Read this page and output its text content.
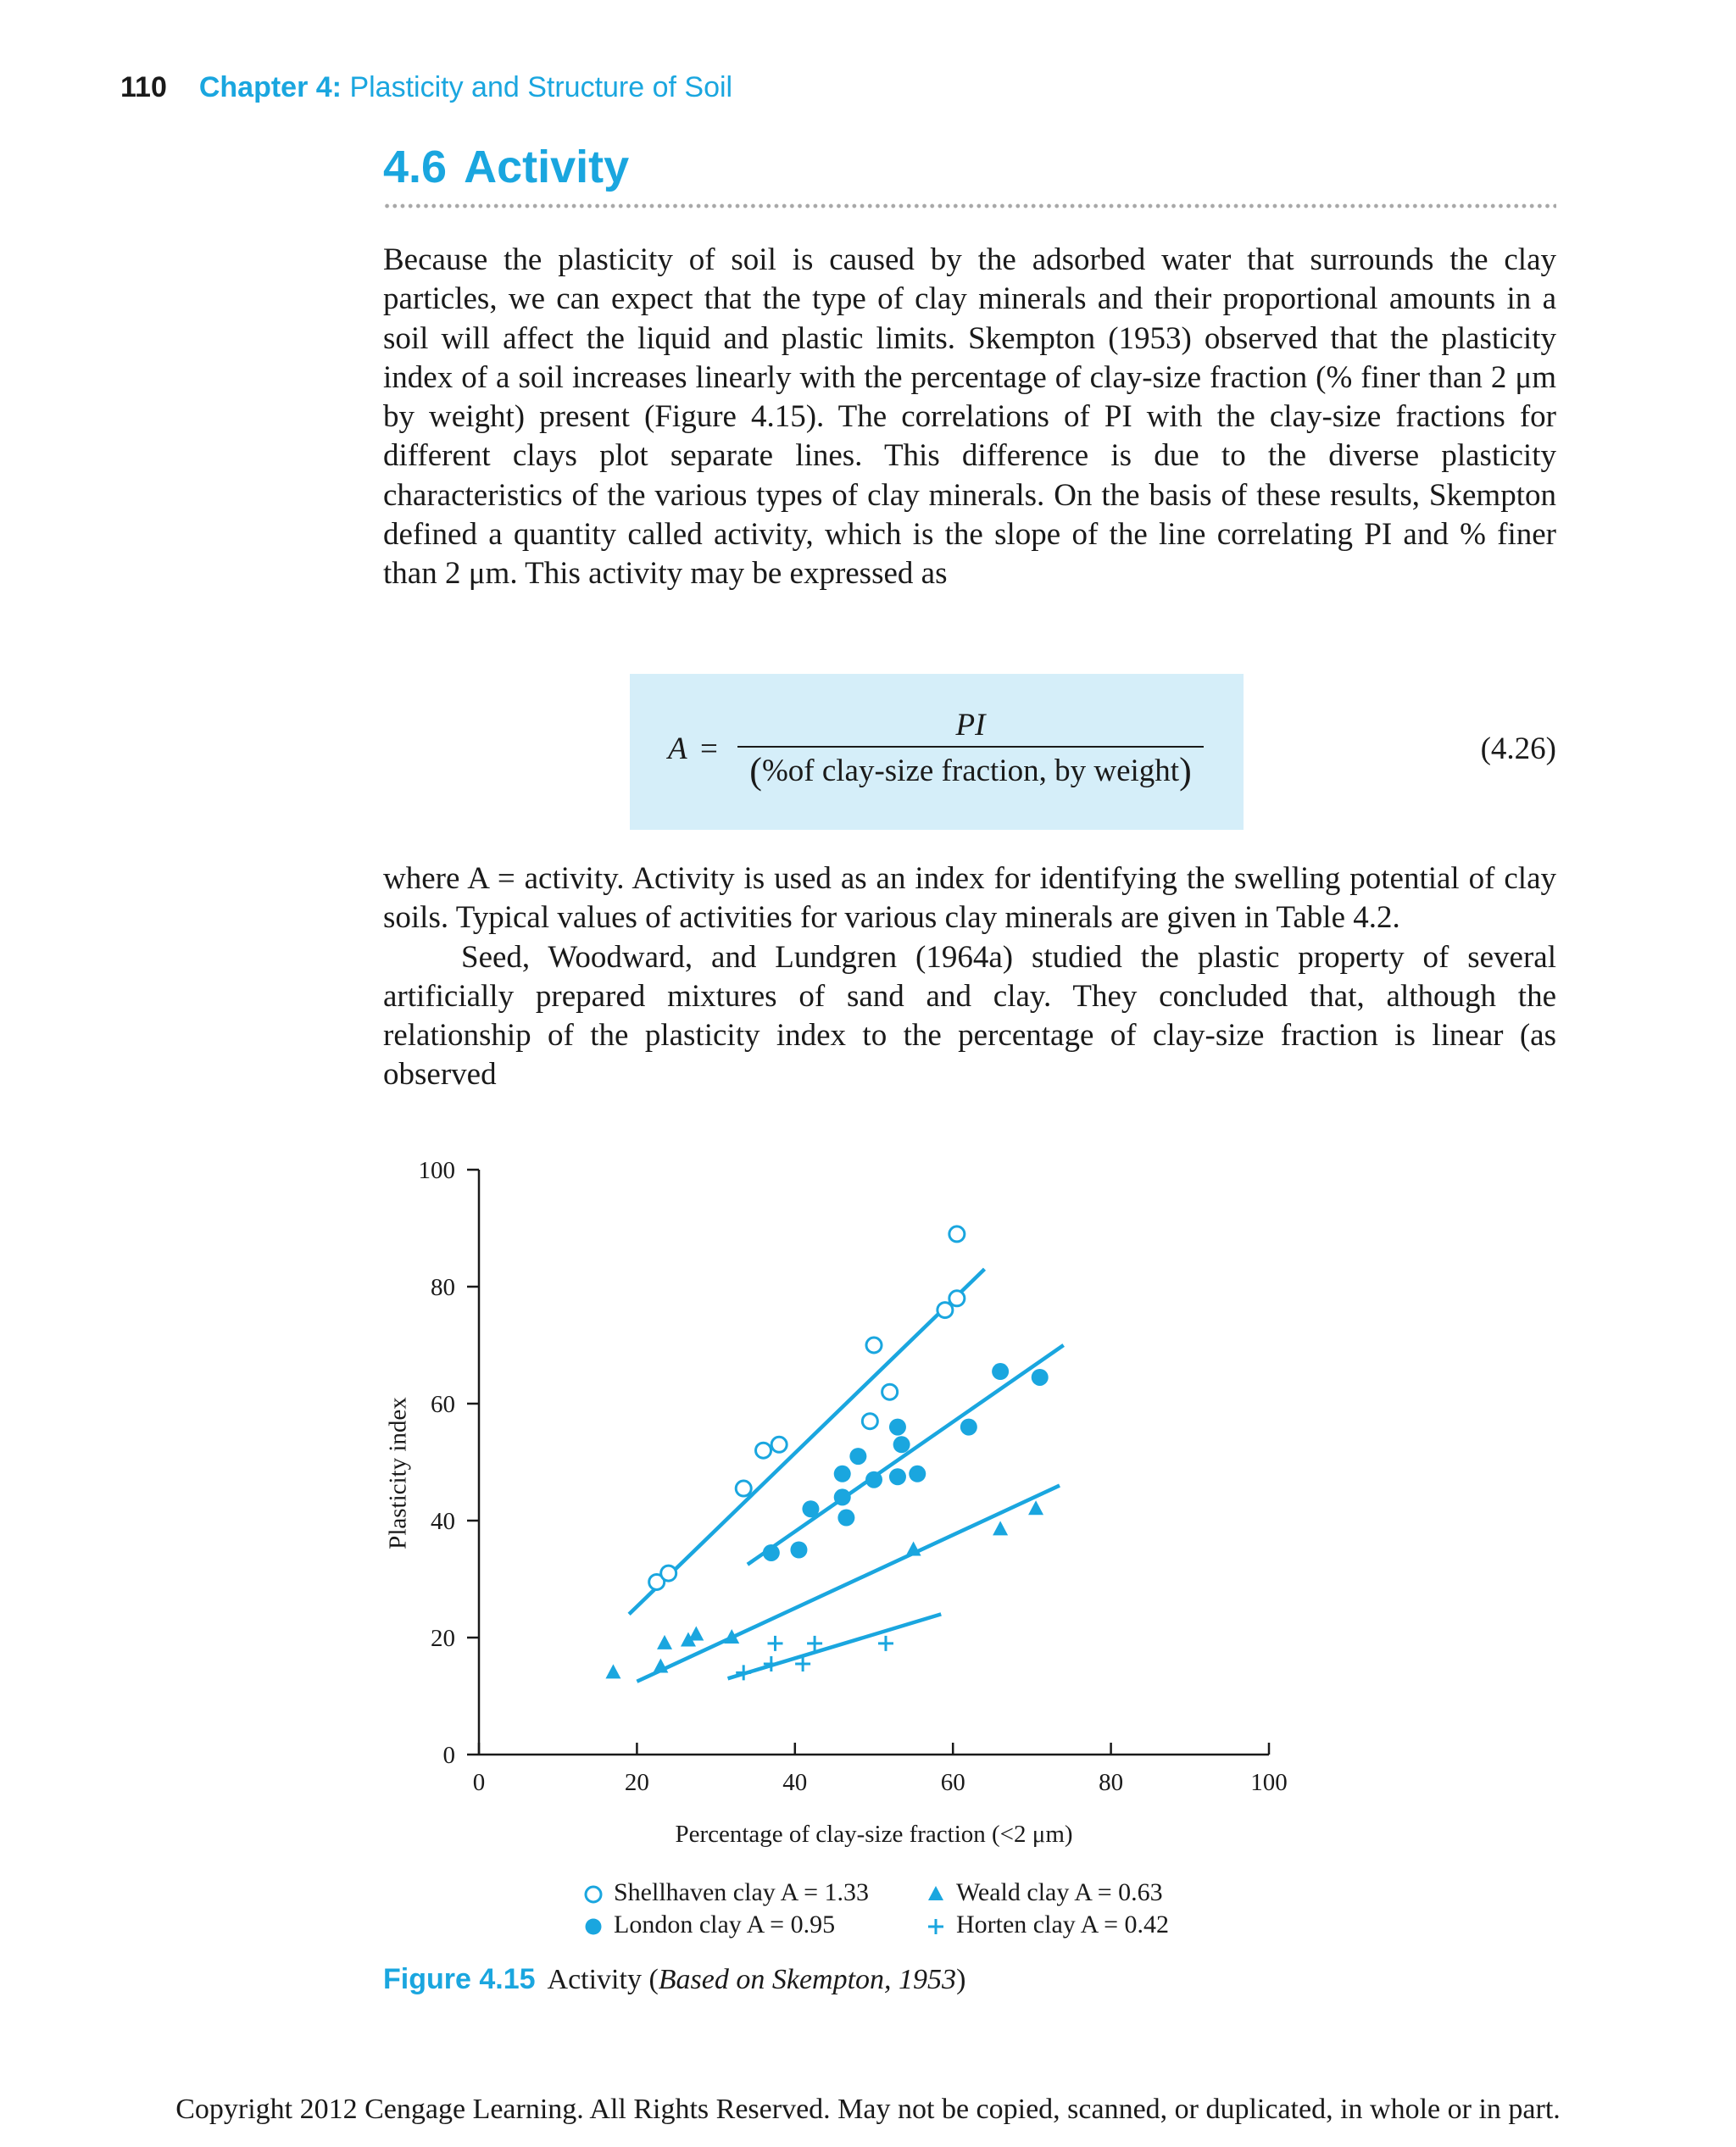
110 Chapter 4: Plasticity and Structure of Soil
4.6 Activity

Because the plasticity of soil is caused by the adsorbed water that surrounds the clay particles, we can expect that the type of clay minerals and their proportional amounts in a soil will affect the liquid and plastic limits. Skempton (1953) observed that the plasticity index of a soil increases linearly with the percentage of clay-size fraction (% finer than 2 μm by weight) present (Figure 4.15). The correlations of PI with the clay-size fractions for different clays plot separate lines. This difference is due to the diverse plasticity characteristics of the various types of clay minerals. On the basis of these results, Skempton defined a quantity called activity, which is the slope of the line correlating PI and % finer than 2 μm. This activity may be expressed as

A =
PI
(%of clay-size fraction, by weight)
(4.26)

where A = activity. Activity is used as an index for identifying the swelling potential of clay soils. Typical values of activities for various clay minerals are given in Table 4.2.

Seed, Woodward, and Lundgren (1964a) studied the plastic property of several artificially prepared mixtures of sand and clay. They concluded that, although the relationship of the plasticity index to the percentage of clay-size fraction is linear (as observed

0	20	40	60	80	100
0
20
40
60
80
100
Plasticity index
Percentage of clay-size fraction (<2 μm)
Shellhaven clay A = 1.33
London clay A = 0.95
Weald clay A = 0.63
Horten clay A = 0.42
Figure 4.15 Activity (Based on Skempton, 1953)
Copyright 2012 Cengage Learning. All Rights Reserved. May not be copied, scanned, or duplicated, in whole or in part.
